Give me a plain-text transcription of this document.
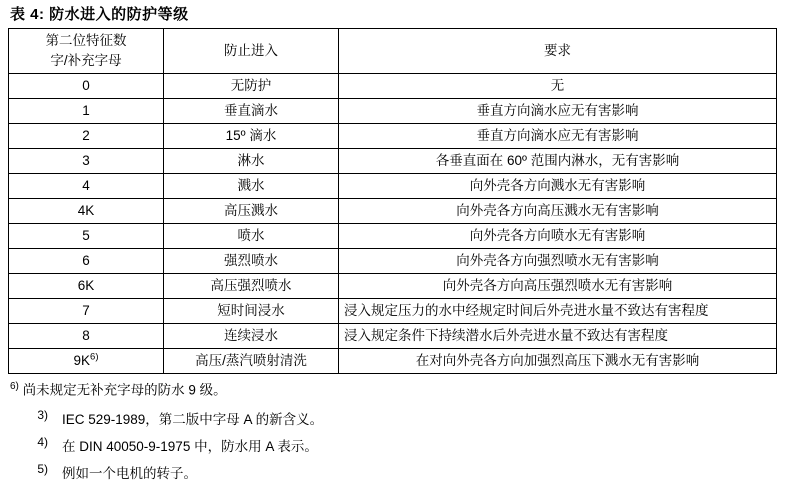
表 4: 防水进入的防护等级
第二位特征数
字/补充字母	防止进入	要求
0	无防护	无
1	垂直滴水	垂直方向滴水应无有害影响
2	15º 滴水	垂直方向滴水应无有害影响
3	淋水	各垂直面在 60º 范围内淋水，无有害影响
4	溅水	向外壳各方向溅水无有害影响
4K	高压溅水	向外壳各方向高压溅水无有害影响
5	喷水	向外壳各方向喷水无有害影响
6	强烈喷水	向外壳各方向强烈喷水无有害影响
6K	高压强烈喷水	向外壳各方向高压强烈喷水无有害影响
7	短时间浸水	浸入规定压力的水中经规定时间后外壳进水量不致达有害程度
8	连续浸水	浸入规定条件下持续潜水后外壳进水量不致达有害程度
$9K^{6)}$	高压/蒸汽喷射清洗	在对向外壳各方向加强烈高压下溅水无有害影响
$^{6)}$ 尚未规定无补充字母的防水 9 级。
$^{3)}$	IEC 529-1989，第二版中字母 A 的新含义。
$^{4)}$	在 DIN 40050-9-1975 中，防水用 A 表示。
$^{5)}$	例如一个电机的转子。
